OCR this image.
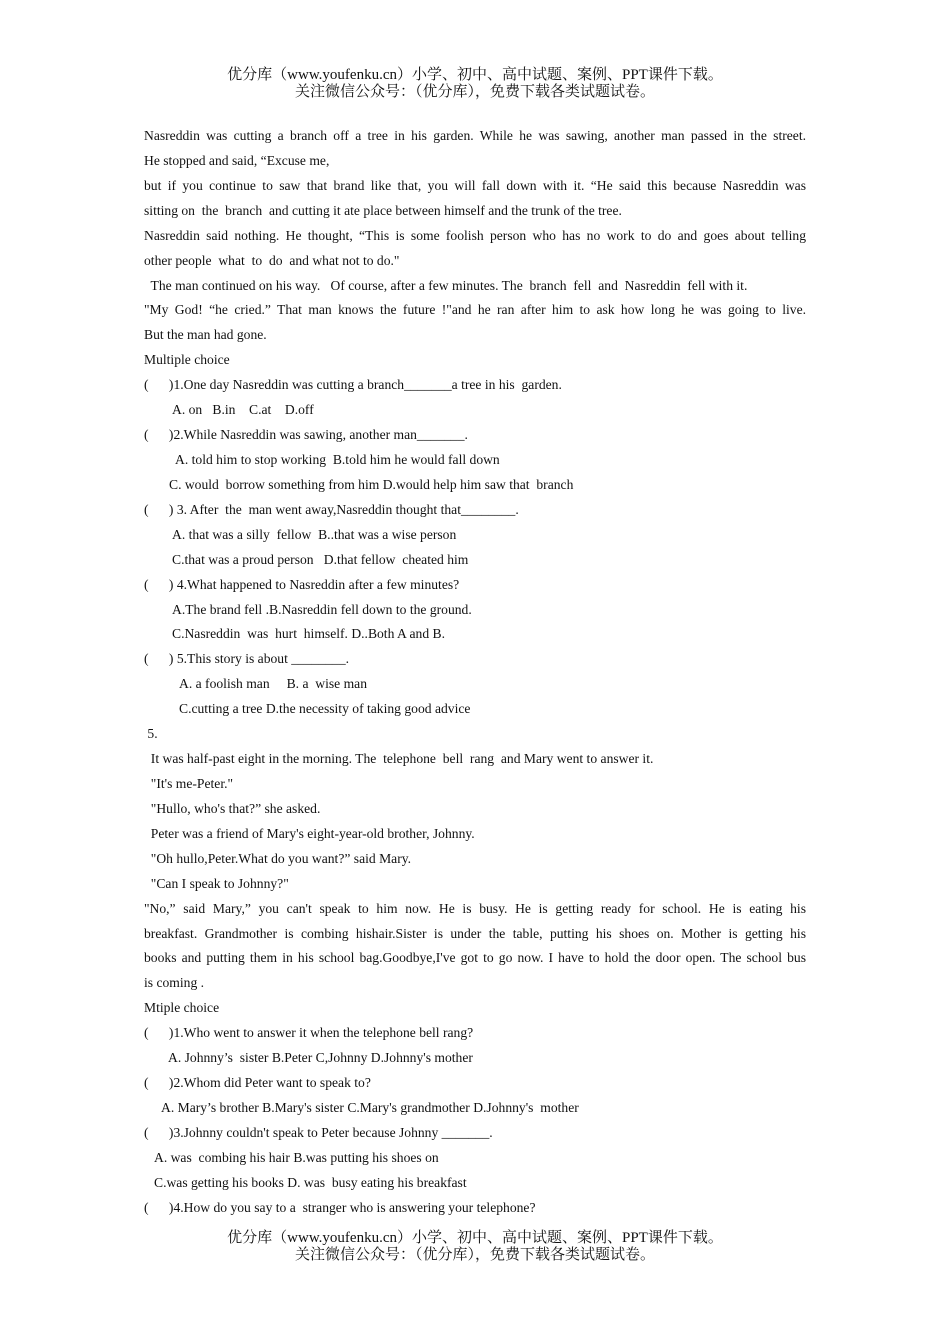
优分库（www.youfenku.cn）小学、初中、高中试题、案例、PPT课件下载。
关注微信公众号：（优分库），免费下载各类试题试卷。
Nasreddin was cutting a branch off a tree in his garden. While he was sawing, another man passed in the street.
He stopped and said, “Excuse me,
but if you continue to saw that brand like that, you will fall down with it. “He said this because Nasreddin was
sitting on  the  branch  and cutting it ate place between himself and the trunk of the tree.
Nasreddin said nothing. He thought, “This is some foolish person who has no work to do and goes about telling
other people  what  to  do  and what not to do."
The man continued on his way.   Of course, after a few minutes. The  branch  fell  and  Nasreddin  fell with it.
"My God! “he cried.” That man knows the future !"and he ran after him to ask how long he was going to live.
But the man had gone.
Multiple choice
(      )1.One day Nasreddin was cutting a branch_______a tree in his  garden.
A. on   B.in    C.at    D.off
(      )2.While Nasreddin was sawing, another man_______.
A. told him to stop working  B.told him he would fall down
C. would  borrow something from him D.would help him saw that  branch
(      ) 3. After  the  man went away,Nasreddin thought that________.
A. that was a silly  fellow  B..that was a wise person
C.that was a proud person   D.that fellow  cheated him
(      ) 4.What happened to Nasreddin after a few minutes?
A.The brand fell .B.Nasreddin fell down to the ground.
C.Nasreddin  was  hurt  himself. D..Both A and B.
(      ) 5.This story is about ________.
A. a foolish man     B. a  wise man
C.cutting a tree D.the necessity of taking good advice
5.
It was half-past eight in the morning. The  telephone  bell  rang  and Mary went to answer it.
"It's me-Peter."
"Hullo, who's that?” she asked.
Peter was a friend of Mary's eight-year-old brother, Johnny.
"Oh hullo,Peter.What do you want?” said Mary.
"Can I speak to Johnny?"
"No,” said Mary,” you can't speak to him now. He is busy. He is getting ready for school. He is eating his
breakfast. Grandmother is combing hishair.Sister is under the table, putting his shoes on. Mother is getting his
books and putting them in his school bag.Goodbye,I've got to go now. I have to hold the door open. The school bus
is coming .
Mtiple choice
(      )1.Who went to answer it when the telephone bell rang?
A. Johnny’s  sister B.Peter C,Johnny D.Johnny's mother
(      )2.Whom did Peter want to speak to?
A. Mary’s brother B.Mary's sister C.Mary's grandmother D.Johnny's  mother
(      )3.Johnny couldn't speak to Peter because Johnny _______.
A. was  combing his hair B.was putting his shoes on
C.was getting his books D. was  busy eating his breakfast
(      )4.How do you say to a  stranger who is answering your telephone?
优分库（www.youfenku.cn）小学、初中、高中试题、案例、PPT课件下载。
关注微信公众号：（优分库），免费下载各类试题试卷。
